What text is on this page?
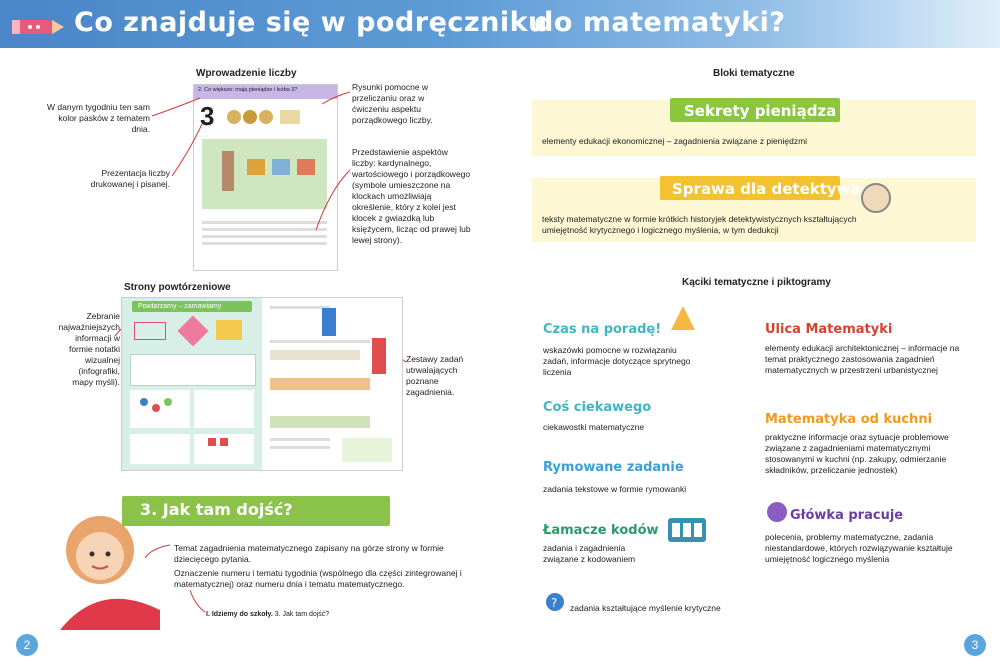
Co znajduje się w podręczniku
do matematyki?
Wprowadzenie liczby
2. Co większe: mają pieniądze i leżba 3?
3
W danym tygodniu ten sam kolor pasków z tematem dnia.
Prezentacja liczby drukowanej i pisanej.
Rysunki pomocne w przeliczaniu oraz w ćwiczeniu aspektu porządkowego liczby.
Przedstawienie aspektów liczby: kardynalnego, wartościowego i porządkowego (symbole umieszczone na klockach umożliwiają określenie, który z kolei jest klocek z gwiazdką lub księżycem, licząc od prawej lub lewej strony).
Strony powtórzeniowe
Powtarzamy – zamawiamy
Zebranie najważniejszych informacji w formie notatki wizualnej (infografiki, mapy myśli).
Zestawy zadań utrwalających poznane zagadnienia.
3. Jak tam dojść?
Temat zagadnienia matematycznego zapisany na górze strony w formie dziecięcego pytania.
Oznaczenie numeru i tematu tygodnia (wspólnego dla części zintegrowanej i matematycznej) oraz numeru dnia i tematu matematycznego.
I. Idziemy do szkoły. 3. Jak tam dojść?
2
Bloki tematyczne
Sekrety pieniądza
elementy edukacji ekonomicznej – zagadnienia związane z pieniędzmi
Sprawa dla detektywa
teksty matematyczne w formie krótkich historyjek detektywistycznych kształtujących umiejętność krytycznego i logicznego myślenia, w tym dedukcji
Kąciki tematyczne i piktogramy
Czas na poradę!
wskazówki pomocne w rozwiązaniu zadań, informacje dotyczące sprytnego liczenia
Ulica Matematyki
elementy edukacji architektonicznej – informacje na temat praktycznego zastosowania zagadnień matematycznych w przestrzeni urbanistycznej
Coś ciekawego
ciekawostki matematyczne	Matematyka od kuchni
praktyczne informacje oraz sytuacje problemowe związane z zagadnieniami matematycznymi stosowanymi w kuchni (np. zakupy, odmierzanie składników, przeliczanie jednostek)
Rymowane zadanie
zadania tekstowe w formie rymowanki
Główka pracuje
polecenia, problemy matematyczne, zadania niestandardowe, których rozwiązywanie kształtuje umiejętność logicznego myślenia
Łamacze kodów
zadania i zagadnienia związane z kodowaniem
? zadania kształtujące myślenie krytyczne
3
